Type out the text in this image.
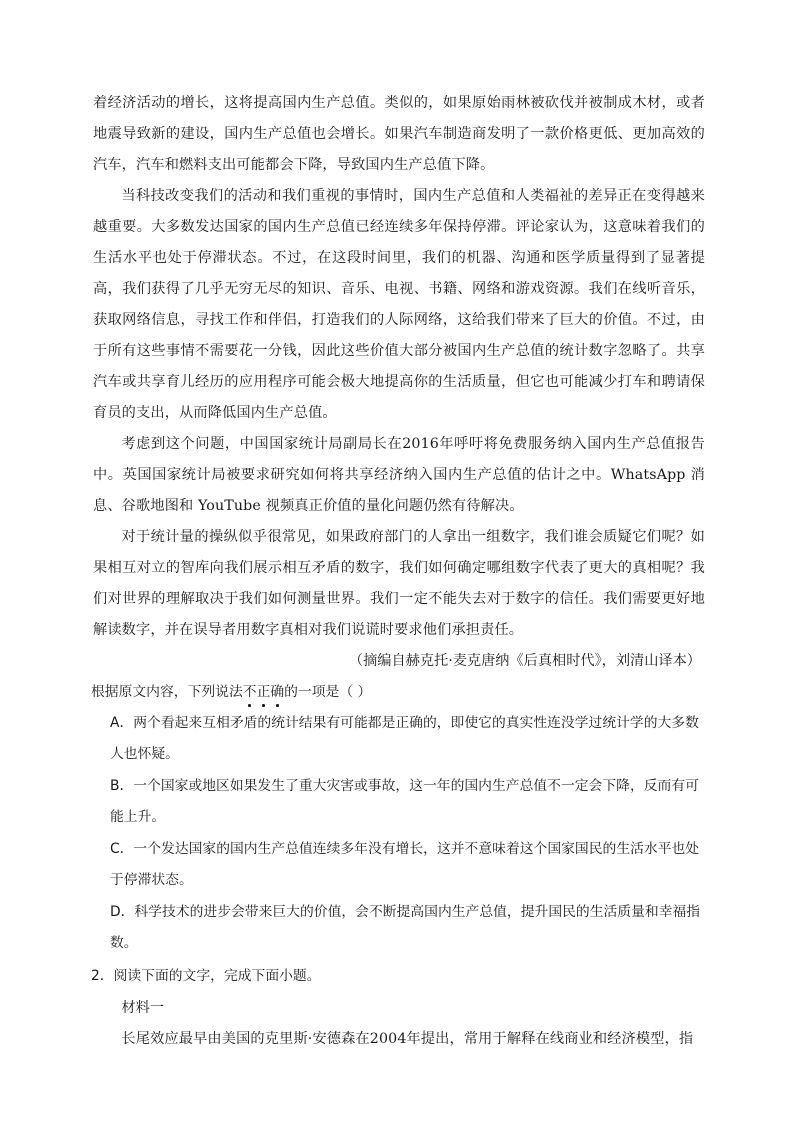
着经济活动的增长，这将提高国内生产总值。类似的，如果原始雨林被砍伐并被制成木材，或者地震导致新的建设，国内生产总值也会增长。如果汽车制造商发明了一款价格更低、更加高效的汽车，汽车和燃料支出可能都会下降，导致国内生产总值下降。

当科技改变我们的活动和我们重视的事情时，国内生产总值和人类福祉的差异正在变得越来越重要。大多数发达国家的国内生产总值已经连续多年保持停滞。评论家认为，这意味着我们的生活水平也处于停滞状态。不过，在这段时间里，我们的机器、沟通和医学质量得到了显著提高，我们获得了几乎无穷无尽的知识、音乐、电视、书籍、网络和游戏资源。我们在线听音乐，获取网络信息，寻找工作和伴侣，打造我们的人际网络，这给我们带来了巨大的价值。不过，由于所有这些事情不需要花一分钱，因此这些价值大部分被国内生产总值的统计数字忽略了。共享汽车或共享育儿经历的应用程序可能会极大地提高你的生活质量，但它也可能减少打车和聘请保育员的支出，从而降低国内生产总值。

考虑到这个问题，中国国家统计局副局长在2016年呼吁将免费服务纳入国内生产总值报告中。英国国家统计局被要求研究如何将共享经济纳入国内生产总值的估计之中。WhatsApp 消息、谷歌地图和 YouTube 视频真正价值的量化问题仍然有待解决。

对于统计量的操纵似乎很常见，如果政府部门的人拿出一组数字，我们谁会质疑它们呢？如果相互对立的智库向我们展示相互矛盾的数字，我们如何确定哪组数字代表了更大的真相呢？我们对世界的理解取决于我们如何测量世界。我们一定不能失去对于数字的信任。我们需要更好地解读数字，并在误导者用数字真相对我们说谎时要求他们承担责任。

（摘编自赫克托·麦克唐纳《后真相时代》，刘清山译本）

根据原文内容，下列说法不正确的一项是（ ）

A．两个看起来互相矛盾的统计结果有可能都是正确的，即使它的真实性连没学过统计学的大多数人也怀疑。

B．一个国家或地区如果发生了重大灾害或事故，这一年的国内生产总值不一定会下降，反而有可能上升。

C．一个发达国家的国内生产总值连续多年没有增长，这并不意味着这个国家国民的生活水平也处于停滞状态。

D．科学技术的进步会带来巨大的价值，会不断提高国内生产总值，提升国民的生活质量和幸福指数。

2．阅读下面的文字，完成下面小题。

材料一

长尾效应最早由美国的克里斯·安德森在2004年提出，常用于解释在线商业和经济模型，指
